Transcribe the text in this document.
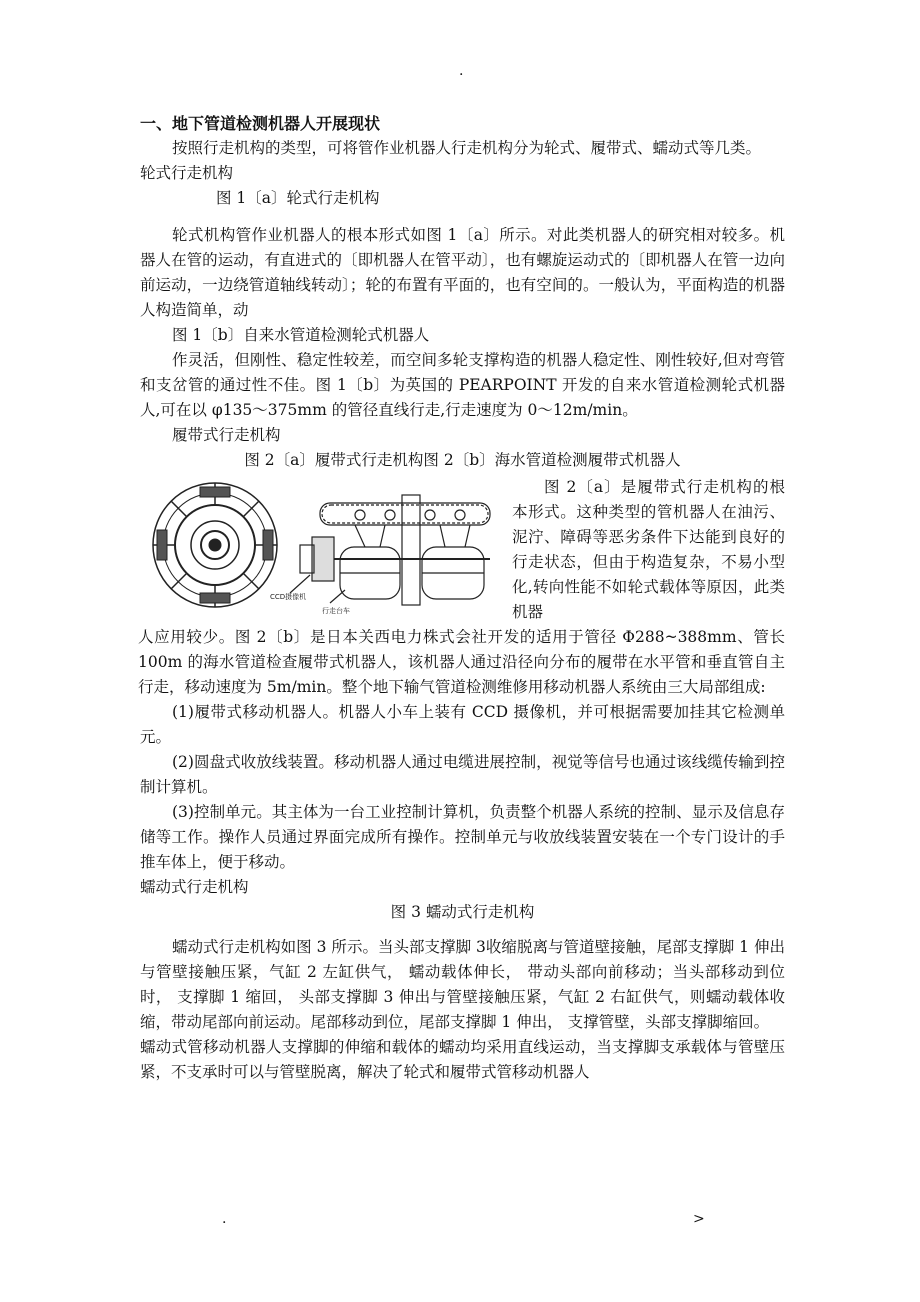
.
一、地下管道检测机器人开展现状

按照行走机构的类型，可将管作业机器人行走机构分为轮式、履带式、蠕动式等几类。

轮式行走机构

图 1〔a〕轮式行走机构

轮式机构管作业机器人的根本形式如图 1〔a〕所示。对此类机器人的研究相对较多。机器人在管的运动，有直进式的〔即机器人在管平动〕，也有螺旋运动式的〔即机器人在管一边向前运动，一边绕管道轴线转动〕；轮的布置有平面的，也有空间的。一般认为，平面构造的机器人构造简单，动

图 1〔b〕自来水管道检测轮式机器人

作灵活，但刚性、稳定性较差，而空间多轮支撑构造的机器人稳定性、刚性较好,但对弯管和支岔管的通过性不佳。图 1〔b〕为英国的 PEARPOINT 开发的自来水管道检测轮式机器人,可在以 φ135～375mm 的管径直线行走,行走速度为 0～12m/min。

履带式行走机构

图 2〔a〕履带式行走机构图 2〔b〕海水管道检测履带式机器人

CCD摄像机
行走台车

图 2〔a〕是履带式行走机构的根本形式。这种类型的管机器人在油污、泥泞、障碍等恶劣条件下达能到良好的行走状态，但由于构造复杂，不易小型化,转向性能不如轮式载体等原因，此类机器

人应用较少。图 2〔b〕是日本关西电力株式会社开发的适用于管径 Φ288~388mm、管长 100m 的海水管道检查履带式机器人，该机器人通过沿径向分布的履带在水平管和垂直管自主行走，移动速度为 5m/min。整个地下输气管道检测维修用移动机器人系统由三大局部组成:

(1)履带式移动机器人。机器人小车上装有 CCD 摄像机，并可根据需要加挂其它检测单元。

(2)圆盘式收放线装置。移动机器人通过电缆进展控制，视觉等信号也通过该线缆传输到控制计算机。

(3)控制单元。其主体为一台工业控制计算机，负责整个机器人系统的控制、显示及信息存储等工作。操作人员通过界面完成所有操作。控制单元与收放线装置安装在一个专门设计的手推车体上，便于移动。

蠕动式行走机构

图 3 蠕动式行走机构

蠕动式行走机构如图 3 所示。当头部支撑脚 3收缩脱离与管道壁接触，尾部支撑脚 1 伸出与管壁接触压紧，气缸 2 左缸供气， 蠕动载体伸长， 带动头部向前移动；当头部移动到位时， 支撑脚 1 缩回， 头部支撑脚 3 伸出与管壁接触压紧，气缸 2 右缸供气，则蠕动载体收缩，带动尾部向前运动。尾部移动到位，尾部支撑脚 1 伸出， 支撑管壁，头部支撑脚缩回。

蠕动式管移动机器人支撑脚的伸缩和载体的蠕动均采用直线运动，当支撑脚支承载体与管壁压紧，不支承时可以与管壁脱离，解决了轮式和履带式管移动机器人

.	>
